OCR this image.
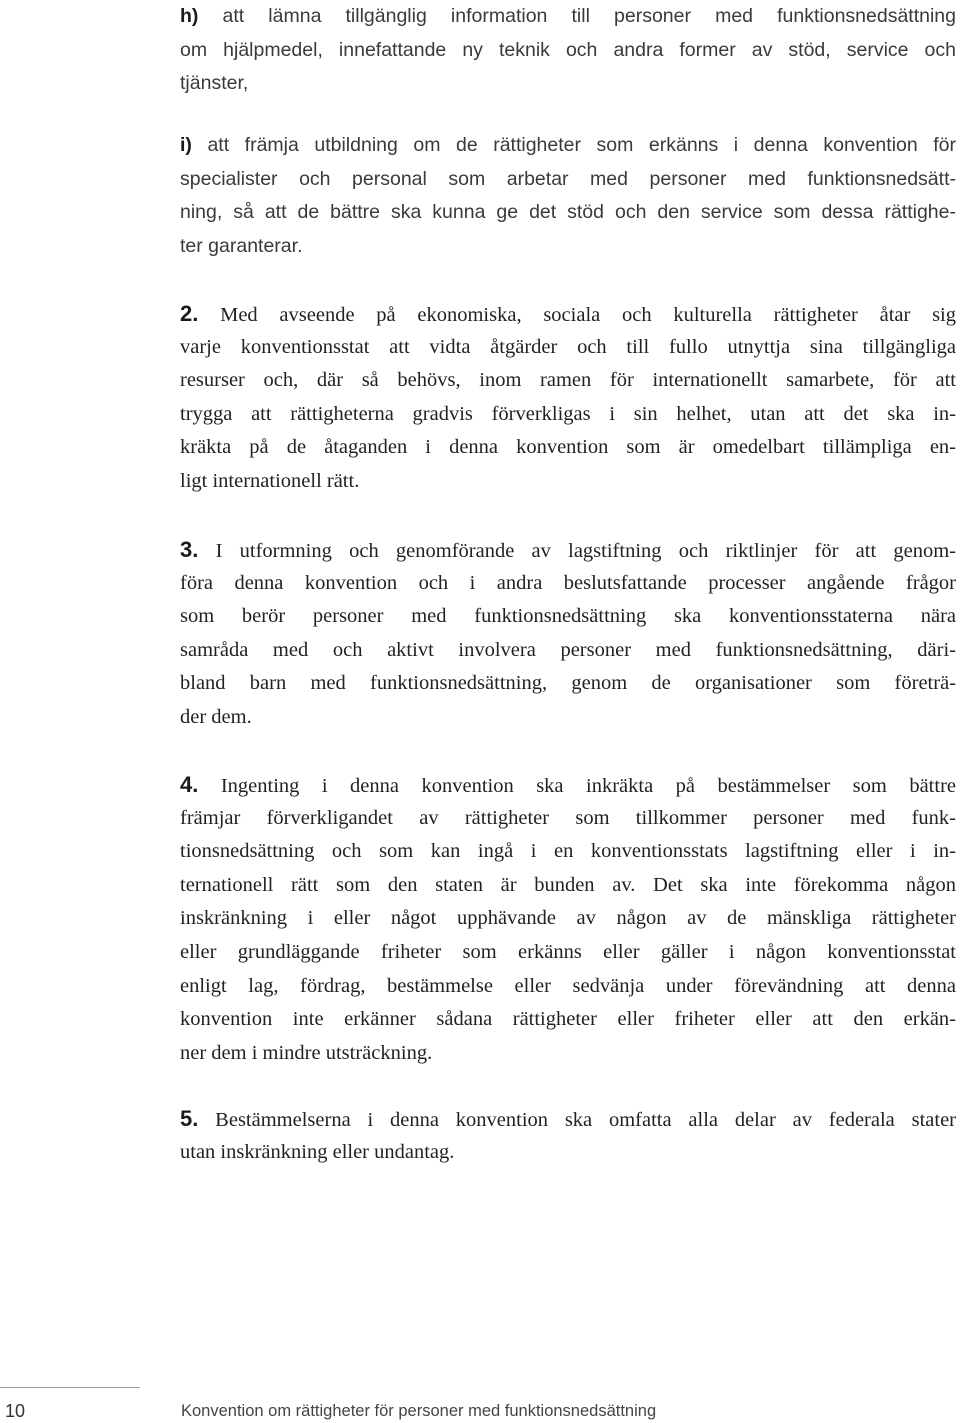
h) att lämna tillgänglig information till personer med funktionsnedsättning
om hjälpmedel, innefattande ny teknik och andra former av stöd, service och
tjänster,
i) att främja utbildning om de rättigheter som erkänns i denna konvention för
specialister och personal som arbetar med personer med funktionsnedsätt-
ning, så att de bättre ska kunna ge det stöd och den service som dessa rättighe-
ter garanterar.
2. Med avseende på ekonomiska, sociala och kulturella rättigheter åtar sig
varje konventionsstat att vidta åtgärder och till fullo utnyttja sina tillgängliga
resurser och, där så behövs, inom ramen för internationellt samarbete, för att
trygga att rättigheterna gradvis förverkligas i sin helhet, utan att det ska in-
kräkta på de åtaganden i denna konvention som är omedelbart tillämpliga en-
ligt internationell rätt.
3. I utformning och genomförande av lagstiftning och riktlinjer för att genom-
föra denna konvention och i andra beslutsfattande processer angående frågor
som berör personer med funktionsnedsättning ska konventionsstaterna nära
samråda med och aktivt involvera personer med funktionsnedsättning, däri-
bland barn med funktionsnedsättning, genom de organisationer som företrä-
der dem.
4. Ingenting i denna konvention ska inkräkta på bestämmelser som bättre
främjar förverkligandet av rättigheter som tillkommer personer med funk-
tionsnedsättning och som kan ingå i en konventionsstats lagstiftning eller i in-
ternationell rätt som den staten är bunden av. Det ska inte förekomma någon
inskränkning i eller något upphävande av någon av de mänskliga rättigheter
eller grundläggande friheter som erkänns eller gäller i någon konventionsstat
enligt lag, fördrag, bestämmelse eller sedvänja under förevändning att denna
konvention inte erkänner sådana rättigheter eller friheter eller att den erkän-
ner dem i mindre utsträckning.
5. Bestämmelserna i denna konvention ska omfatta alla delar av federala stater
utan inskränkning eller undantag.
10	Konvention om rättigheter för personer med funktionsnedsättning
